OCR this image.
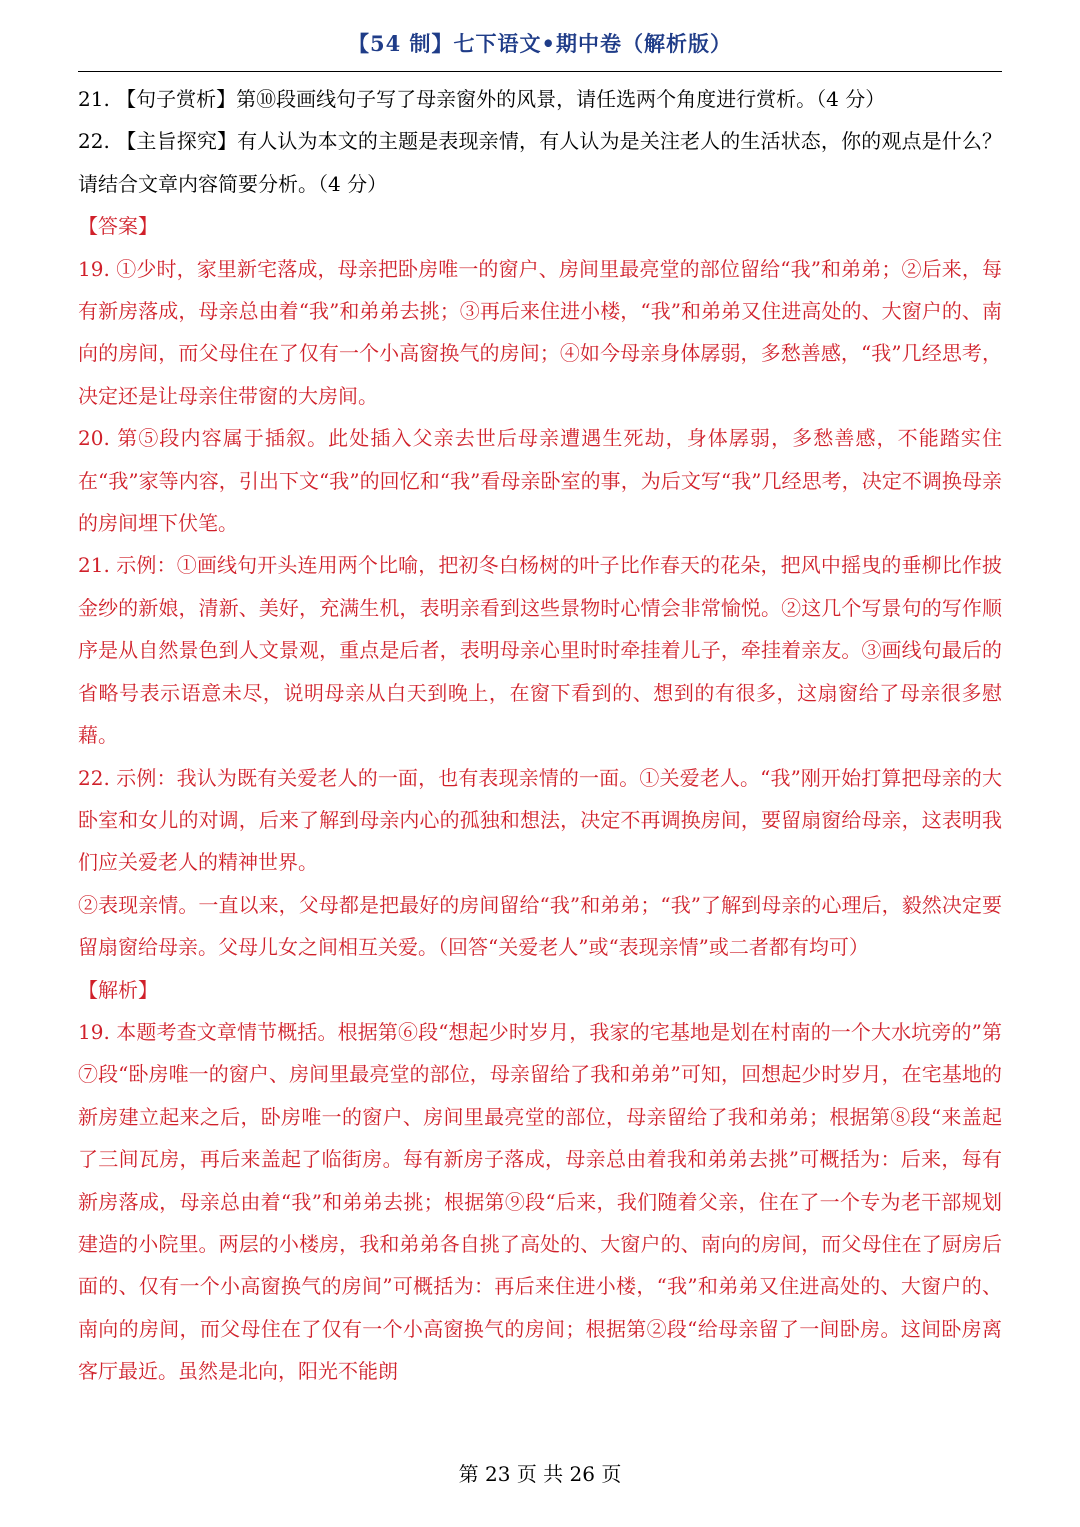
【54 制】七下语文•期中卷（解析版）

21. 【句子赏析】第⑩段画线句子写了母亲窗外的风景，请任选两个角度进行赏析。（4 分）

22. 【主旨探究】有人认为本文的主题是表现亲情，有人认为是关注老人的生活状态，你的观点是什么？请结合文章内容简要分析。（4 分）

【答案】

19. ①少时，家里新宅落成，母亲把卧房唯一的窗户、房间里最亮堂的部位留给“我”和弟弟；②后来，每有新房落成，母亲总由着“我”和弟弟去挑；③再后来住进小楼，“我”和弟弟又住进高处的、大窗户的、南向的房间，而父母住在了仅有一个小高窗换气的房间；④如今母亲身体孱弱，多愁善感，“我”几经思考，决定还是让母亲住带窗的大房间。

20. 第⑤段内容属于插叙。此处插入父亲去世后母亲遭遇生死劫，身体孱弱，多愁善感，不能踏实住在“我”家等内容，引出下文“我”的回忆和“我”看母亲卧室的事，为后文写“我”几经思考，决定不调换母亲的房间埋下伏笔。

21. 示例：①画线句开头连用两个比喻，把初冬白杨树的叶子比作春天的花朵，把风中摇曳的垂柳比作披金纱的新娘，清新、美好，充满生机，表明亲看到这些景物时心情会非常愉悦。②这几个写景句的写作顺序是从自然景色到人文景观，重点是后者，表明母亲心里时时牵挂着儿子，牵挂着亲友。③画线句最后的省略号表示语意未尽，说明母亲从白天到晚上，在窗下看到的、想到的有很多，这扇窗给了母亲很多慰藉。

22. 示例：我认为既有关爱老人的一面，也有表现亲情的一面。①关爱老人。“我”刚开始打算把母亲的大卧室和女儿的对调，后来了解到母亲内心的孤独和想法，决定不再调换房间，要留扇窗给母亲，这表明我们应关爱老人的精神世界。

②表现亲情。一直以来，父母都是把最好的房间留给“我”和弟弟；“我”了解到母亲的心理后，毅然决定要留扇窗给母亲。父母儿女之间相互关爱。（回答“关爱老人”或“表现亲情”或二者都有均可）

【解析】

19. 本题考查文章情节概括。根据第⑥段“想起少时岁月，我家的宅基地是划在村南的一个大水坑旁的”第⑦段“卧房唯一的窗户、房间里最亮堂的部位，母亲留给了我和弟弟”可知，回想起少时岁月，在宅基地的新房建立起来之后，卧房唯一的窗户、房间里最亮堂的部位，母亲留给了我和弟弟；根据第⑧段“来盖起了三间瓦房，再后来盖起了临街房。每有新房子落成，母亲总由着我和弟弟去挑”可概括为：后来，每有新房落成，母亲总由着“我”和弟弟去挑；根据第⑨段“后来，我们随着父亲，住在了一个专为老干部规划建造的小院里。两层的小楼房，我和弟弟各自挑了高处的、大窗户的、南向的房间，而父母住在了厨房后面的、仅有一个小高窗换气的房间”可概括为：再后来住进小楼，“我”和弟弟又住进高处的、大窗户的、南向的房间，而父母住在了仅有一个小高窗换气的房间；根据第②段“给母亲留了一间卧房。这间卧房离客厅最近。虽然是北向，阳光不能朗

第 23 页 共 26 页
